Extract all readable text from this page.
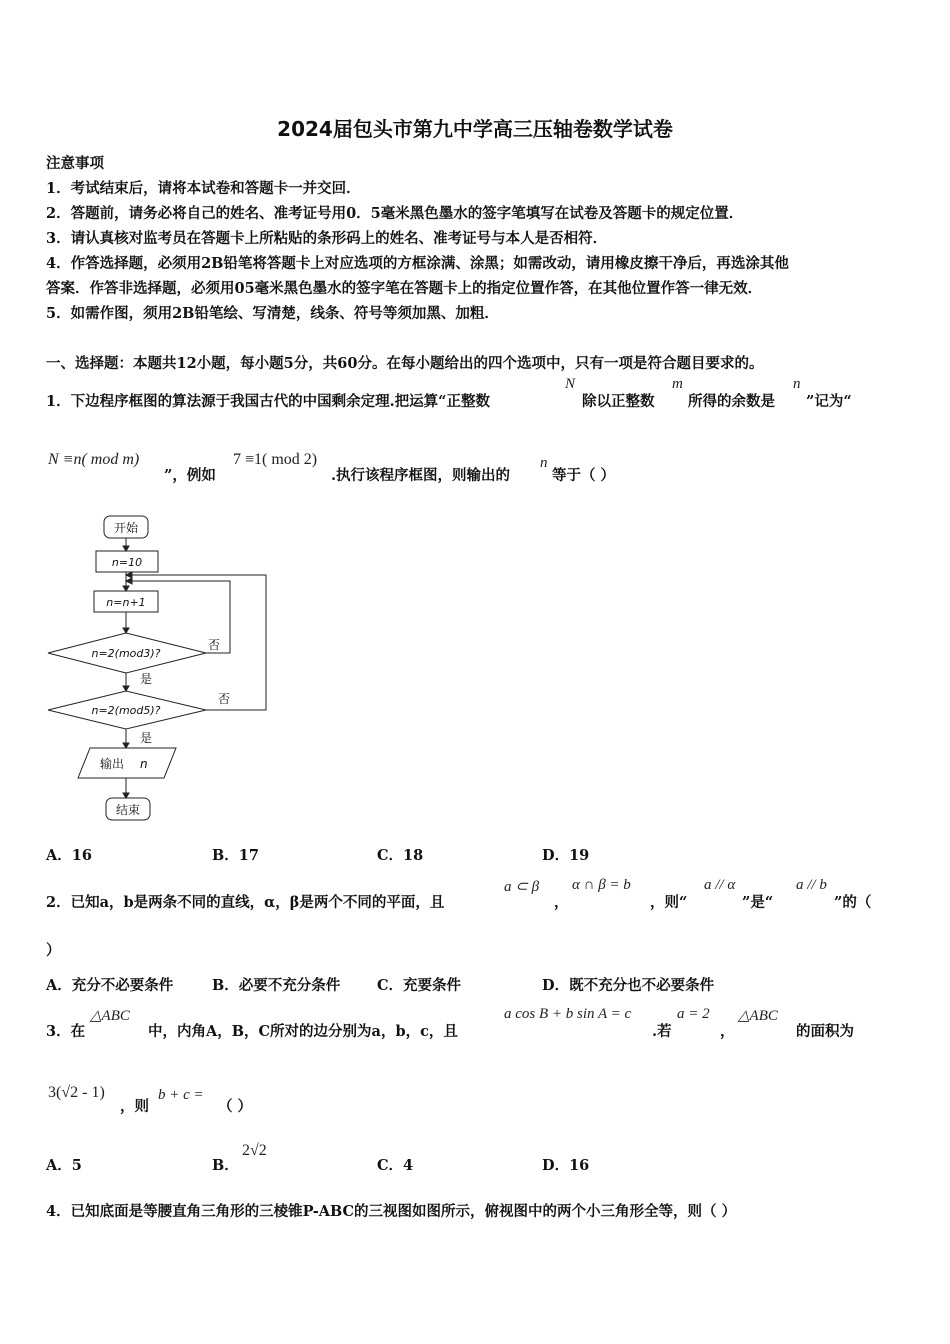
2024届包头市第九中学高三压轴卷数学试卷
注意事项
1．考试结束后，请将本试卷和答题卡一并交回．
2．答题前，请务必将自己的姓名、准考证号用0．5毫米黑色墨水的签字笔填写在试卷及答题卡的规定位置．
3．请认真核对监考员在答题卡上所粘贴的条形码上的姓名、准考证号与本人是否相符．
4．作答选择题，必须用2B铅笔将答题卡上对应选项的方框涂满、涂黑；如需改动，请用橡皮擦干净后，再选涂其他
答案．作答非选择题，必须用05毫米黑色墨水的签字笔在答题卡上的指定位置作答，在其他位置作答一律无效．
5．如需作图，须用2B铅笔绘、写清楚，线条、符号等须加黑、加粗．
一、选择题：本题共12小题，每小题5分，共60分。在每小题给出的四个选项中，只有一项是符合题目要求的。
1．下边程序框图的算法源于我国古代的中国剩余定理.把运算“正整数
N
除以正整数
m
所得的余数是
n
”记为“
N ≡n( mod m)
”，例如
7 ≡1( mod 2)
.执行该程序框图，则输出的
n
等于（ ）
开始
n=10
n=n+1
n=2(mod3)?
n=2(mod5)?
否
否
是
是
输出 n
结束
A．16	B．17	C．18	D．19
2．已知a，b是两条不同的直线，α，β是两个不同的平面，且
a ⊂ β
，
α ∩ β = b
，则“
a // α
”是“
a // b
”的（
）
A．充分不必要条件	B．必要不充分条件	C．充要条件	D．既不充分也不必要条件
3．在
△ABC
中，内角A，B，C所对的边分别为a，b，c，且
a cos B + b sin A = c
.若
a = 2
，
△ABC
的面积为
3(√2 - 1)
，则
b + c =
（ ）
A．5	B．
2√2
C．4	D．16
4．已知底面是等腰直角三角形的三棱锥P-ABC的三视图如图所示，俯视图中的两个小三角形全等，则（ ）
